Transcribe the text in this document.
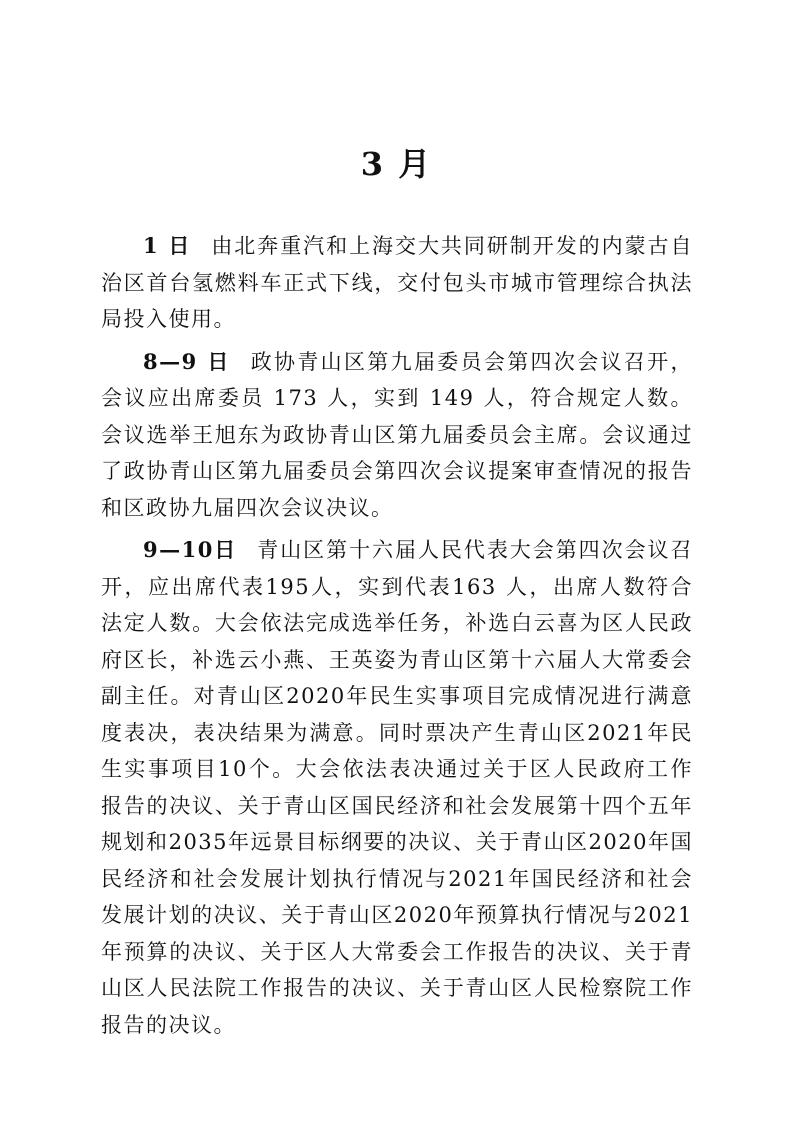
3 月

1 日 由北奔重汽和上海交大共同研制开发的内蒙古自治区首台氢燃料车正式下线，交付包头市城市管理综合执法局投入使用。

8—9 日 政协青山区第九届委员会第四次会议召开，会议应出席委员 173 人，实到 149 人，符合规定人数。会议选举王旭东为政协青山区第九届委员会主席。会议通过了政协青山区第九届委员会第四次会议提案审查情况的报告和区政协九届四次会议决议。

9—10日 青山区第十六届人民代表大会第四次会议召开，应出席代表195人，实到代表163 人，出席人数符合法定人数。大会依法完成选举任务，补选白云喜为区人民政府区长，补选云小燕、王英姿为青山区第十六届人大常委会副主任。对青山区2020年民生实事项目完成情况进行满意度表决，表决结果为满意。同时票决产生青山区2021年民生实事项目10个。大会依法表决通过关于区人民政府工作报告的决议、关于青山区国民经济和社会发展第十四个五年规划和2035年远景目标纲要的决议、关于青山区2020年国民经济和社会发展计划执行情况与2021年国民经济和社会发展计划的决议、关于青山区2020年预算执行情况与2021年预算的决议、关于区人大常委会工作报告的决议、关于青山区人民法院工作报告的决议、关于青山区人民检察院工作报告的决议。
